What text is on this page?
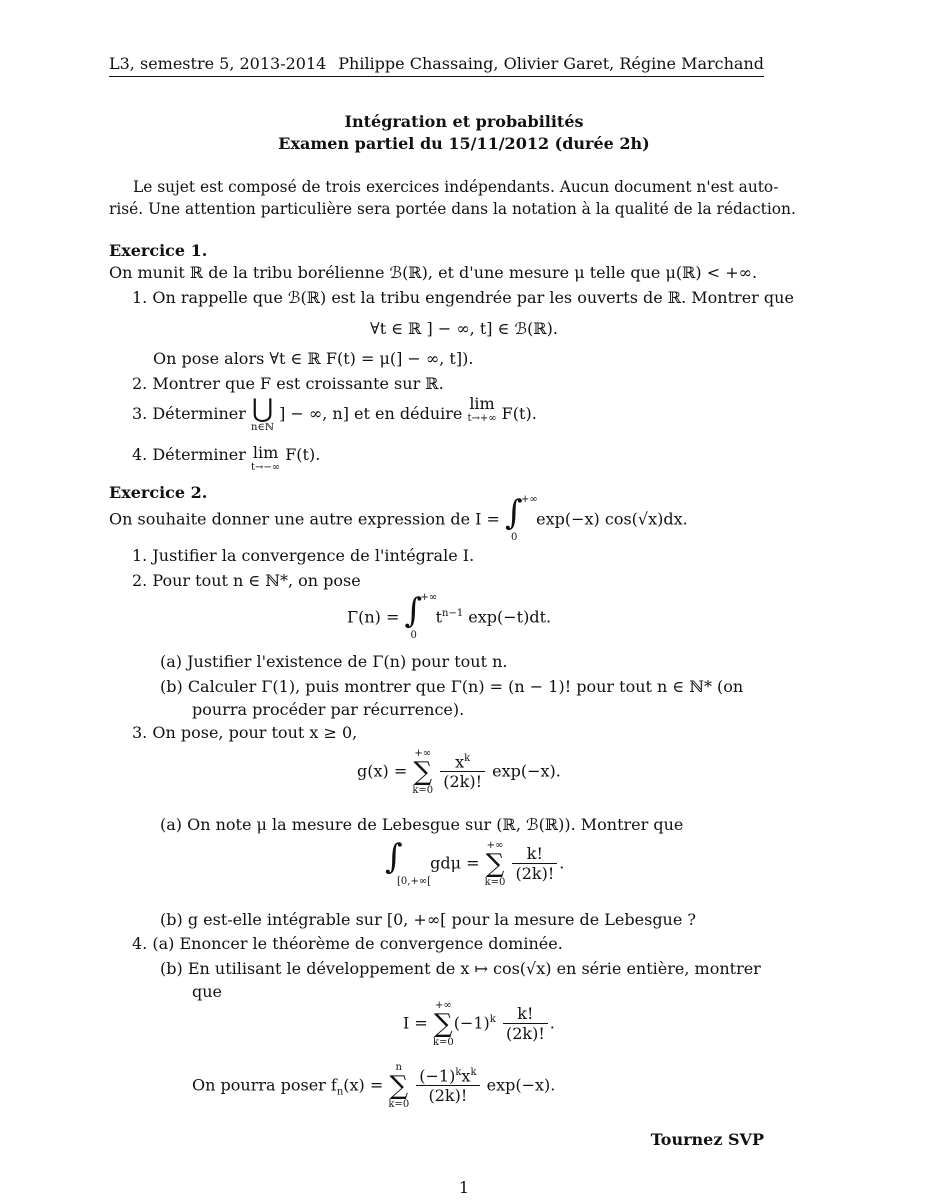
L3, semestre 5, 2013-2014 Philippe Chassaing, Olivier Garet, Régine Marchand
Intégration et probabilités
Examen partiel du 15/11/2012 (durée 2h)
Le sujet est composé de trois exercices indépendants. Aucun document n'est auto-
risé. Une attention particulière sera portée dans la notation à la qualité de la rédaction.
Exercice 1.
On munit ℝ de la tribu borélienne ℬ(ℝ), et d'une mesure μ telle que μ(ℝ) < +∞.
1. On rappelle que ℬ(ℝ) est la tribu engendrée par les ouverts de ℝ. Montrer que
∀t ∈ ℝ ] − ∞, t] ∈ ℬ(ℝ).
On pose alors ∀t ∈ ℝ F(t) = μ(] − ∞, t]).
2. Montrer que F est croissante sur ℝ.
3. Déterminer ⋃
n∈ℕ
] − ∞, n] et en déduire
lim
t→+∞ F(t).
4. Déterminer lim
t→−∞
F(t).
Exercice 2.
On souhaite donner une autre expression de I = ∫
+∞
0
exp(−x) cos(√x)dx.
1. Justifier la convergence de l'intégrale I.
2. Pour tout n ∈ ℕ*, on pose
Γ(n) = ∫
+∞
0
$t^{n-1}$ exp(−t)dt.
(a) Justifier l'existence de Γ(n) pour tout n.
(b) Calculer Γ(1), puis montrer que Γ(n) = (n − 1)! pour tout n ∈ ℕ* (on
pourra procéder par récurrence).
3. On pose, pour tout x ≥ 0,
g(x) =
+∞
∑
k=0
$\frac{x^k}{(2k)!} \exp(-x)$.
(a) On note μ la mesure de Lebesgue sur (ℝ, ℬ(ℝ)). Montrer que
∫
[0,+∞[
gdμ =
+∞
∑
k=0
$\frac{k!}{(2k)!}$ .
(b) g est-elle intégrable sur [0, +∞[ pour la mesure de Lebesgue ?
4. (a) Enoncer le théorème de convergence dominée.
(b) En utilisant le développement de x ↦ cos(√x) en série entière, montrer
que
I =
+∞
∑
k=0
$(-1)^k \frac{k!}{(2k)!}$ .
On pourra poser $f_n(x)$ =
n
∑
k=0
$\frac{(-1)^kx^k}{(2k)!} \exp(-x)$.
Tournez SVP
1
